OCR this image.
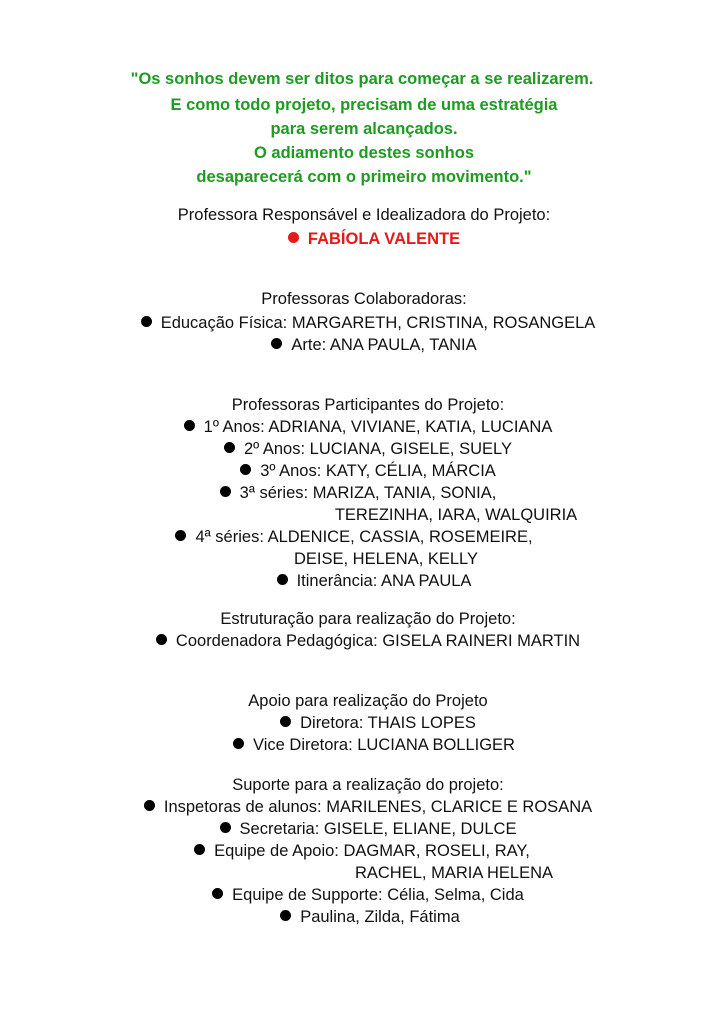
"Os sonhos devem ser ditos para começar a se realizarem.
E como todo projeto, precisam de uma estratégia
para serem alcançados.
O adiamento destes sonhos
desaparecerá com o primeiro movimento."
Professora Responsável e Idealizadora do Projeto:
FABÍOLA VALENTE
Professoras Colaboradoras:
Educação Física: MARGARETH, CRISTINA, ROSANGELA
Arte: ANA PAULA, TANIA
Professoras Participantes do Projeto:
1º Anos: ADRIANA, VIVIANE, KATIA, LUCIANA
2º Anos: LUCIANA, GISELE, SUELY
3º Anos: KATY, CÉLIA, MÁRCIA
3ª séries: MARIZA, TANIA, SONIA,
TEREZINHA, IARA, WALQUIRIA
4ª séries: ALDENICE, CASSIA, ROSEMEIRE,
DEISE, HELENA, KELLY
Itinerância: ANA PAULA
Estruturação para realização do Projeto:
Coordenadora Pedagógica: GISELA RAINERI MARTIN
Apoio para realização do Projeto
Diretora: THAIS LOPES
Vice Diretora: LUCIANA BOLLIGER
Suporte para a realização do projeto:
Inspetoras de alunos: MARILENES, CLARICE E ROSANA
Secretaria: GISELE, ELIANE, DULCE
Equipe de Apoio: DAGMAR, ROSELI, RAY,
RACHEL, MARIA HELENA
Equipe de Supporte: Célia, Selma, Cida
Paulina, Zilda, Fátima
